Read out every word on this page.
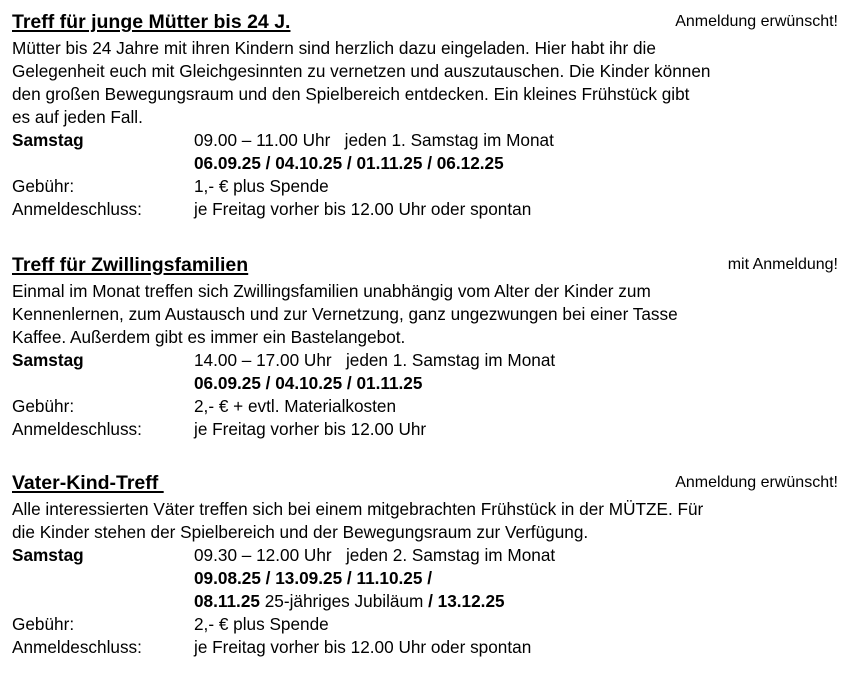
Treff für junge Mütter bis 24 J.	Anmeldung erwünscht!

Mütter bis 24 Jahre mit ihren Kindern sind herzlich dazu eingeladen. Hier habt ihr die

Gelegenheit euch mit Gleichgesinnten zu vernetzen und auszutauschen. Die Kinder können

den großen Bewegungsraum und den Spielbereich entdecken. Ein kleines Frühstück gibt

es auf jeden Fall.

Samstag	09.00 – 11.00 Uhr jeden 1. Samstag im Monat
06.09.25 / 04.10.25 / 01.11.25 / 06.12.25
Gebühr:	1,- € plus Spende
Anmeldeschluss:	je Freitag vorher bis 12.00 Uhr oder spontan
Treff für Zwillingsfamilien	mit Anmeldung!

Einmal im Monat treffen sich Zwillingsfamilien unabhängig vom Alter der Kinder zum

Kennenlernen, zum Austausch und zur Vernetzung, ganz ungezwungen bei einer Tasse

Kaffee. Außerdem gibt es immer ein Bastelangebot.

Samstag	14.00 – 17.00 Uhr jeden 1. Samstag im Monat
06.09.25 / 04.10.25 / 01.11.25
Gebühr:	2,- € + evtl. Materialkosten
Anmeldeschluss:	je Freitag vorher bis 12.00 Uhr
Vater-Kind-Treff	Anmeldung erwünscht!

Alle interessierten Väter treffen sich bei einem mitgebrachten Frühstück in der MÜTZE. Für

die Kinder stehen der Spielbereich und der Bewegungsraum zur Verfügung.

Samstag	09.30 – 12.00 Uhr jeden 2. Samstag im Monat
09.08.25 / 13.09.25 / 11.10.25 /
08.11.25 25-jähriges Jubiläum / 13.12.25
Gebühr:	2,- € plus Spende
Anmeldeschluss:	je Freitag vorher bis 12.00 Uhr oder spontan
